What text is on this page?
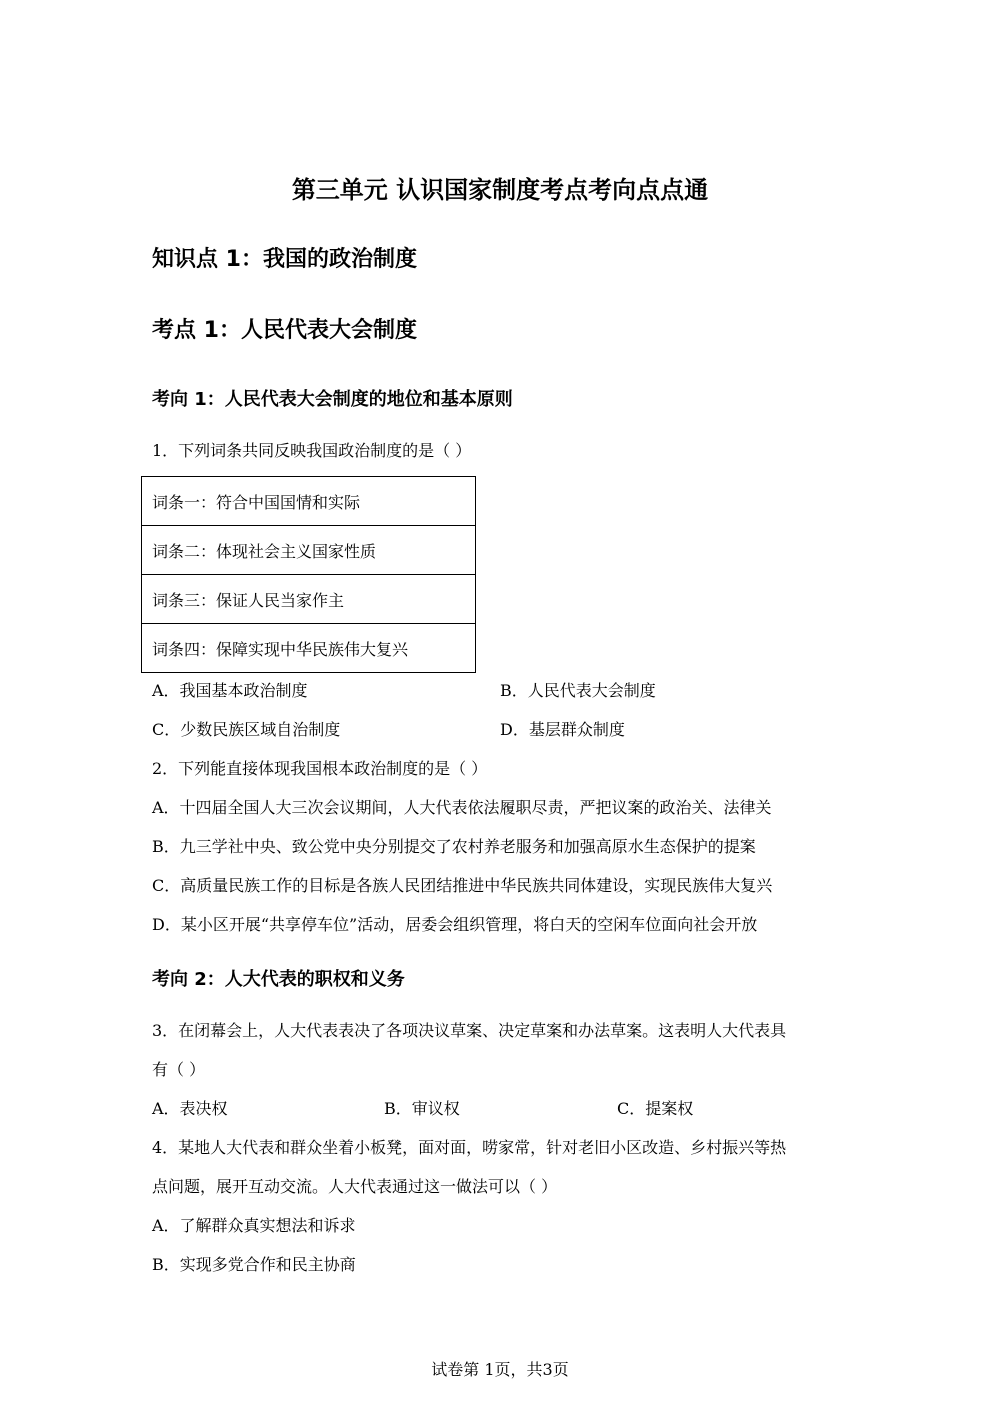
第三单元 认识国家制度考点考向点点通
知识点 1：我国的政治制度
考点 1：人民代表大会制度
考向 1：人民代表大会制度的地位和基本原则
1．下列词条共同反映我国政治制度的是（ ）
词条一：符合中国国情和实际
词条二：体现社会主义国家性质
词条三：保证人民当家作主
词条四：保障实现中华民族伟大复兴
A．我国基本政治制度	B．人民代表大会制度
C．少数民族区域自治制度	D．基层群众制度
2．下列能直接体现我国根本政治制度的是（ ）
A．十四届全国人大三次会议期间，人大代表依法履职尽责，严把议案的政治关、法律关
B．九三学社中央、致公党中央分别提交了农村养老服务和加强高原水生态保护的提案
C．高质量民族工作的目标是各族人民团结推进中华民族共同体建设，实现民族伟大复兴
D．某小区开展“共享停车位”活动，居委会组织管理，将白天的空闲车位面向社会开放
考向 2：人大代表的职权和义务
3．在闭幕会上，人大代表表决了各项决议草案、决定草案和办法草案。这表明人大代表具
有（ ）
A．表决权	B．审议权	C．提案权
4．某地人大代表和群众坐着小板凳，面对面，唠家常，针对老旧小区改造、乡村振兴等热
点问题，展开互动交流。人大代表通过这一做法可以（ ）
A．了解群众真实想法和诉求
B．实现多党合作和民主协商
试卷第 1页，共3页
